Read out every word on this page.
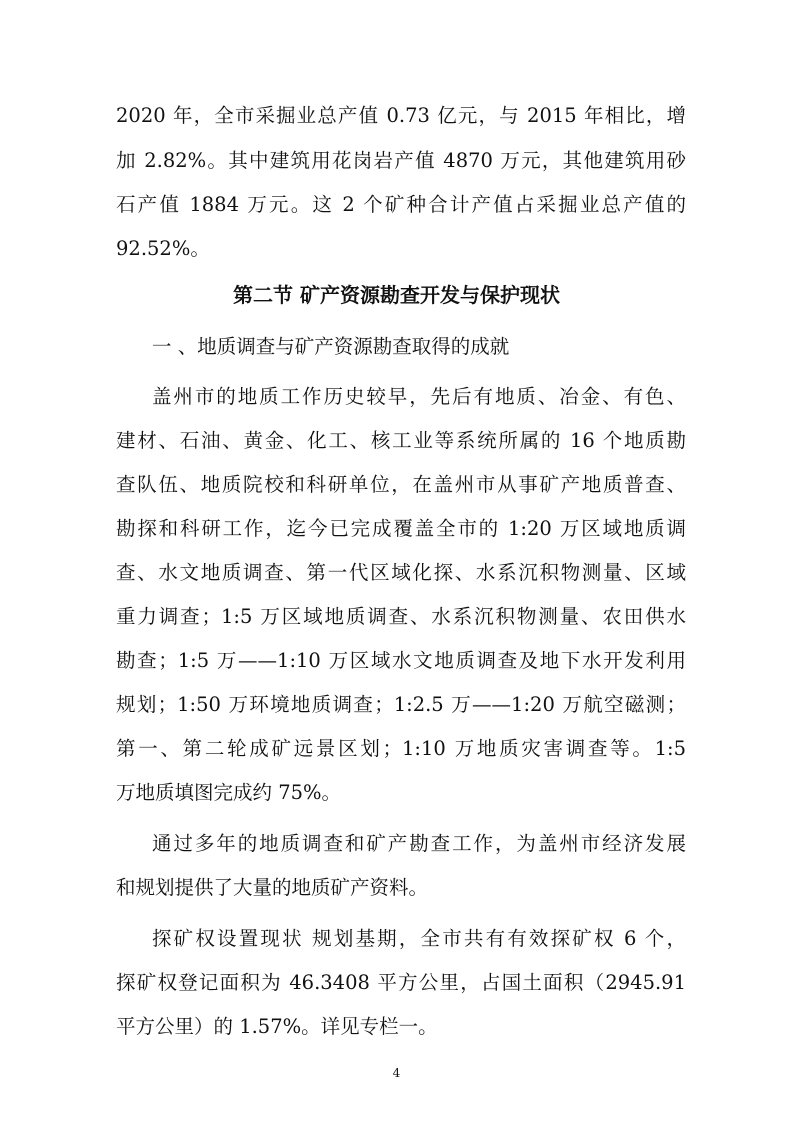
2020 年，全市采掘业总产值 0.73 亿元，与 2015 年相比，增
加 2.82%。其中建筑用花岗岩产值 4870 万元，其他建筑用砂
石产值 1884 万元。这 2 个矿种合计产值占采掘业总产值的
92.52%。
第二节 矿产资源勘查开发与保护现状
一 、地质调查与矿产资源勘查取得的成就
盖州市的地质工作历史较早，先后有地质、冶金、有色、
建材、石油、黄金、化工、核工业等系统所属的 16 个地质勘
查队伍、地质院校和科研单位，在盖州市从事矿产地质普查、
勘探和科研工作，迄今已完成覆盖全市的 1:20 万区域地质调
查、水文地质调查、第一代区域化探、水系沉积物测量、区域
重力调查；1:5 万区域地质调查、水系沉积物测量、农田供水
勘查；1:5 万——1:10 万区域水文地质调查及地下水开发利用
规划；1:50 万环境地质调查；1:2.5 万——1:20 万航空磁测；
第一、第二轮成矿远景区划；1:10 万地质灾害调查等。1:5
万地质填图完成约 75%。
通过多年的地质调查和矿产勘查工作，为盖州市经济发展
和规划提供了大量的地质矿产资料。
探矿权设置现状 规划基期，全市共有有效探矿权 6 个，
探矿权登记面积为 46.3408 平方公里，占国土面积（2945.91
平方公里）的 1.57%。详见专栏一。
4
